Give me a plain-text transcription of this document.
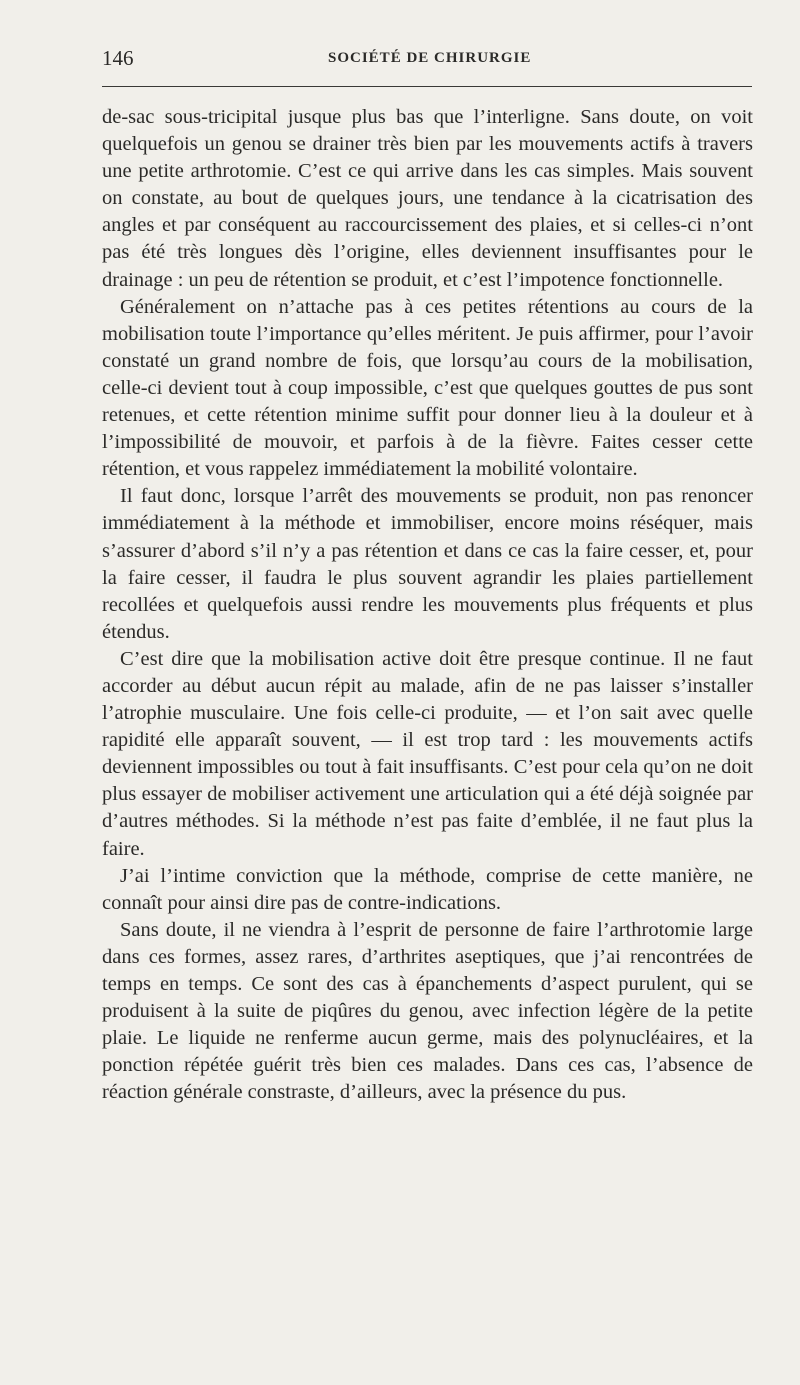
146	SOCIÉTÉ DE CHIRURGIE

de-sac sous-tricipital jusque plus bas que l’interligne. Sans doute, on voit quelquefois un genou se drainer très bien par les mouvements actifs à travers une petite arthrotomie. C’est ce qui arrive dans les cas simples. Mais souvent on constate, au bout de quelques jours, une tendance à la cicatrisation des angles et par conséquent au raccourcissement des plaies, et si celles-ci n’ont pas été très longues dès l’origine, elles deviennent insuffisantes pour le drainage : un peu de rétention se produit, et c’est l’impotence fonctionnelle.

Généralement on n’attache pas à ces petites rétentions au cours de la mobilisation toute l’importance qu’elles méritent. Je puis affirmer, pour l’avoir constaté un grand nombre de fois, que lorsqu’au cours de la mobilisation, celle-ci devient tout à coup impossible, c’est que quelques gouttes de pus sont retenues, et cette rétention minime suffit pour donner lieu à la douleur et à l’impossibilité de mouvoir, et parfois à de la fièvre. Faites cesser cette rétention, et vous rappelez immédiatement la mobilité volontaire.

Il faut donc, lorsque l’arrêt des mouvements se produit, non pas renoncer immédiatement à la méthode et immobiliser, encore moins réséquer, mais s’assurer d’abord s’il n’y a pas rétention et dans ce cas la faire cesser, et, pour la faire cesser, il faudra le plus souvent agrandir les plaies partiellement recollées et quelquefois aussi rendre les mouvements plus fréquents et plus étendus.

C’est dire que la mobilisation active doit être presque continue. Il ne faut accorder au début aucun répit au malade, afin de ne pas laisser s’installer l’atrophie musculaire. Une fois celle-ci produite, — et l’on sait avec quelle rapidité elle apparaît souvent, — il est trop tard : les mouvements actifs deviennent impossibles ou tout à fait insuffisants. C’est pour cela qu’on ne doit plus essayer de mobiliser activement une articulation qui a été déjà soignée par d’autres méthodes. Si la méthode n’est pas faite d’emblée, il ne faut plus la faire.

J’ai l’intime conviction que la méthode, comprise de cette manière, ne connaît pour ainsi dire pas de contre-indications.

Sans doute, il ne viendra à l’esprit de personne de faire l’arthrotomie large dans ces formes, assez rares, d’arthrites aseptiques, que j’ai rencontrées de temps en temps. Ce sont des cas à épanchements d’aspect purulent, qui se produisent à la suite de piqûres du genou, avec infection légère de la petite plaie. Le liquide ne renferme aucun germe, mais des polynucléaires, et la ponction répétée guérit très bien ces malades. Dans ces cas, l’absence de réaction générale constraste, d’ailleurs, avec la présence du pus.
